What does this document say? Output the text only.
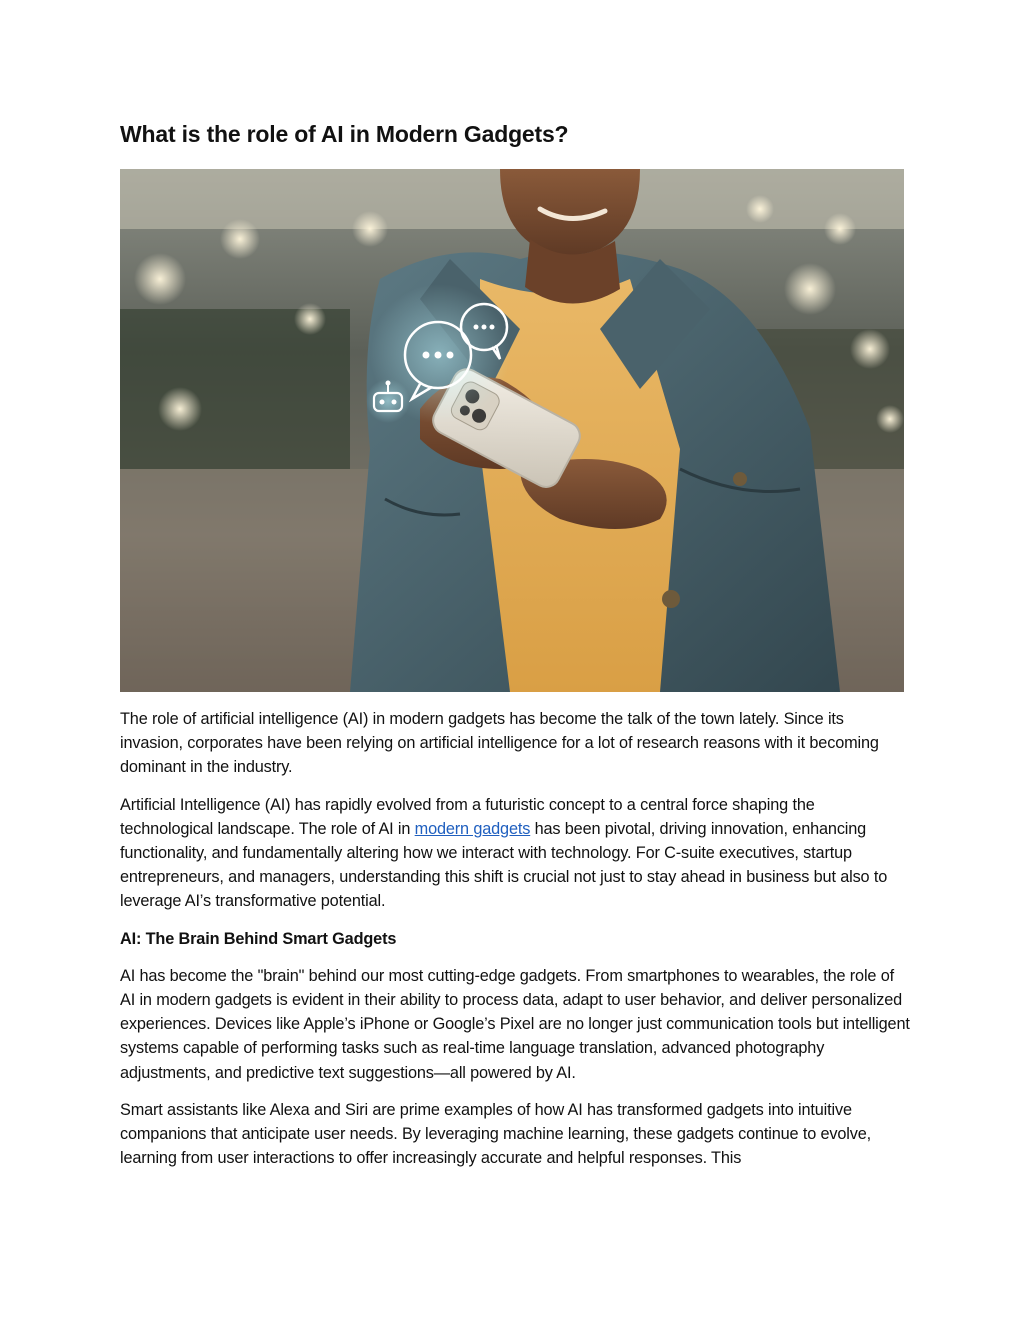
What is the role of AI in Modern Gadgets?

The role of artificial intelligence (AI) in modern gadgets has become the talk of the town lately. Since its invasion, corporates have been relying on artificial intelligence for a lot of research reasons with it becoming dominant in the industry.

Artificial Intelligence (AI) has rapidly evolved from a futuristic concept to a central force shaping the technological landscape. The role of AI in modern gadgets has been pivotal, driving innovation, enhancing functionality, and fundamentally altering how we interact with technology. For C-suite executives, startup entrepreneurs, and managers, understanding this shift is crucial not just to stay ahead in business but also to leverage AI’s transformative potential.

AI: The Brain Behind Smart Gadgets

AI has become the "brain" behind our most cutting-edge gadgets. From smartphones to wearables, the role of AI in modern gadgets is evident in their ability to process data, adapt to user behavior, and deliver personalized experiences. Devices like Apple’s iPhone or Google’s Pixel are no longer just communication tools but intelligent systems capable of performing tasks such as real-time language translation, advanced photography adjustments, and predictive text suggestions—all powered by AI.

Smart assistants like Alexa and Siri are prime examples of how AI has transformed gadgets into intuitive companions that anticipate user needs. By leveraging machine learning, these gadgets continue to evolve, learning from user interactions to offer increasingly accurate and helpful responses. This
